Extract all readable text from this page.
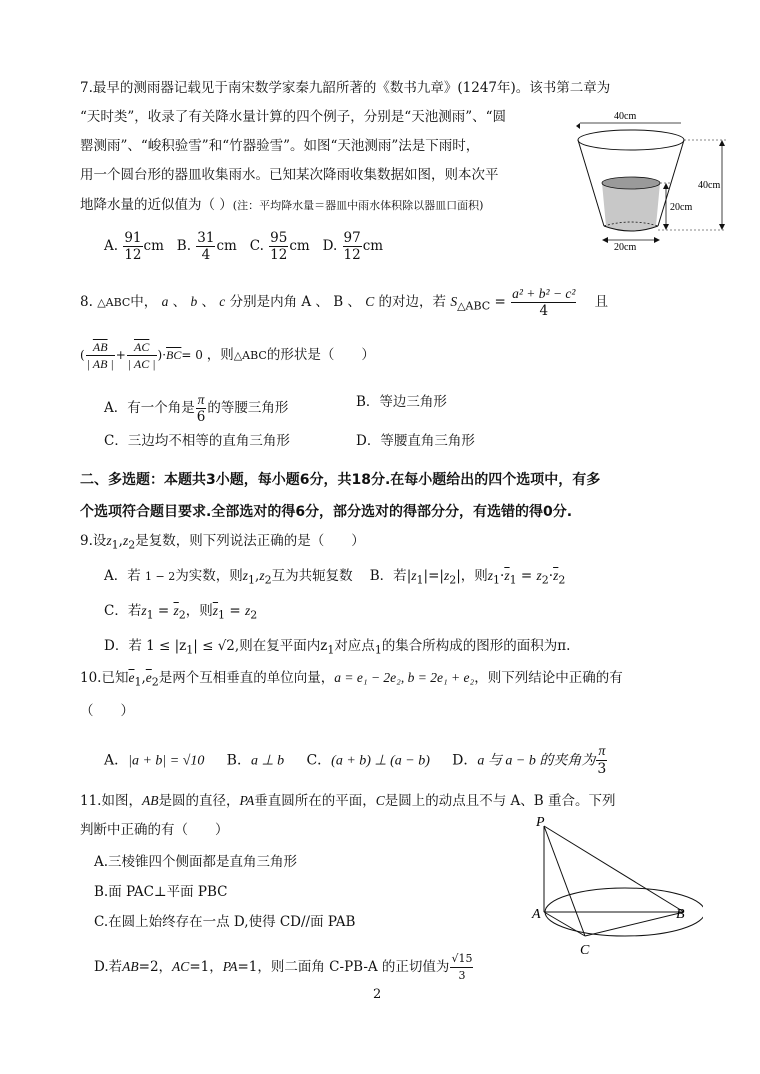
7.最早的测雨器记载见于南宋数学家秦九韶所著的《数书九章》(1247年)。该书第二章为
“天时类”，收录了有关降水量计算的四个例子，分别是“天池测雨”、“圆
罂测雨”、“峻积验雪”和“竹器验雪”。如图“天池测雨”法是下雨时，
用一个圆台形的器皿收集雨水。已知某次降雨收集数据如图，则本次平
地降水量的近似值为（ ）(注：平均降水量＝器皿中雨水体积除以器皿口面积)
A. $\frac{91}{12}$ cm B. $\frac{31}{4}$ cm C. $\frac{95}{12}$ cm D. $\frac{97}{12}$ cm
40cm
40cm
20cm
20cm
8. △ABC中， a 、 b 、 c 分别是内角 A 、 B 、 C 的对边，若 $S_{\triangle ABC} = \frac{\text{a² + b² − c²}}{4}$ 且
( $\frac{\overline{AB}}{| AB |} + \frac{\overline{AC}}{| AC |} )\cdot\overline{BC}= 0$ ，则△ABC的形状是（　　）
A．有一个角是 $\frac{\pi}{6}$ 的等腰三角形	B．等边三角形
C．三边均不相等的直角三角形	D．等腰直角三角形
二、多选题：本题共3小题，每小题6分，共18分.在每小题给出的四个选项中，有多
个选项符合题目要求.全部选对的得6分，部分选对的得部分分，有选错的得0分.
9.设$z_1,z_2$是复数，则下列说法正确的是（　　）
A．若 1 − 2为实数，则$z_1,z_2$互为共轭复数 B．若$|z_1|=|z_2|$，则$z_1\cdot\overline{z}_1 = z_2\cdot\overline{z}_2$
C．若$z_1 = \overline{z}_2$，则$\overline{z}_1 = z_2$
D．若 $1 \le |z_1| \le √2$,则在复平面内$z_1$对应点$_1$的集合所构成的图形的面积为π.
10.已知$\overline{e}_1,\overline{e}_2$是两个互相垂直的单位向量，a = e₁ − 2e₂, b = 2e₁ + e₂，则下列结论中正确的有
（　　）
A．|a + b| = √10 B．a ⊥ b C．(a + b) ⊥ (a − b) D．a 与 a − b 的夹角为 $\frac{\pi}{3}$
11.如图，AB是圆的直径，PA垂直圆所在的平面，C是圆上的动点且不与 A、B 重合。下列
判断中正确的有（　　）
A.三棱锥四个侧面都是直角三角形
B.面 PAC⊥平面 PBC
C.在圆上始终存在一点 D,使得 CD//面 PAB
D.若AB=2，AC=1，PA=1，则二面角 C-PB-A 的正切值为 $\frac{√15}{3}$
P
A	B
C
2
